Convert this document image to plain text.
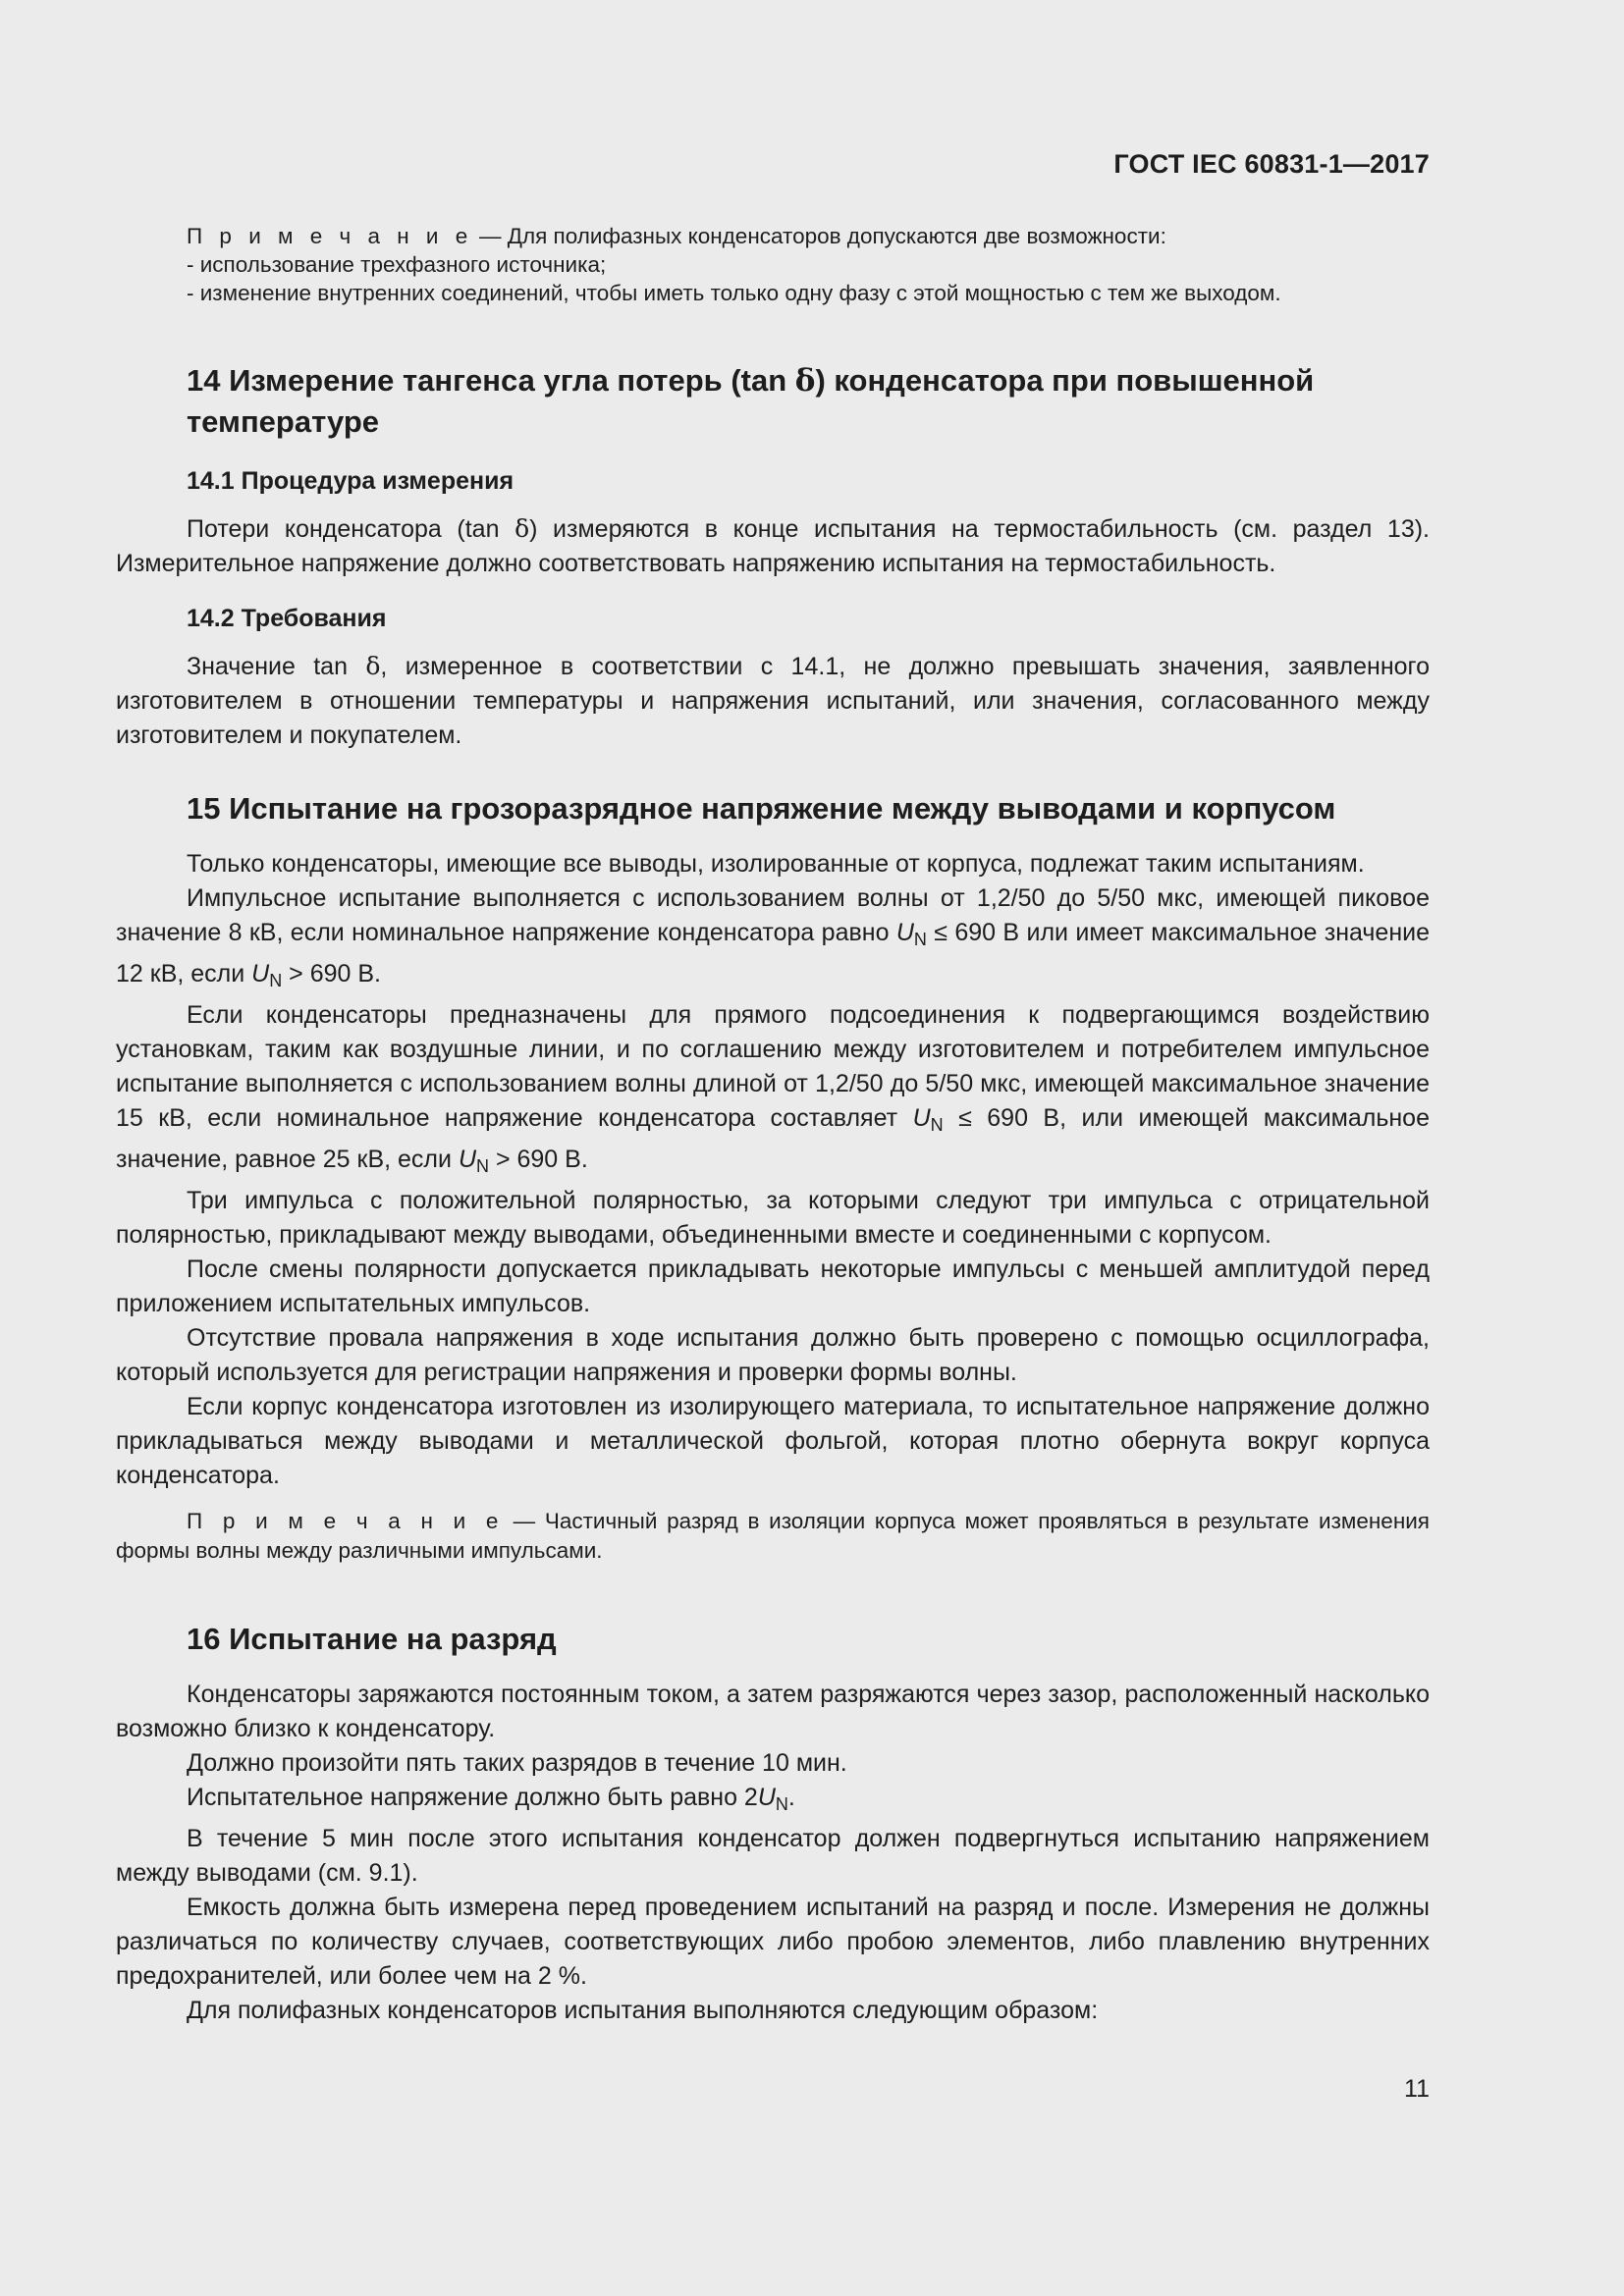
ГОСТ IEC 60831-1—2017
П р и м е ч а н и е — Для полифазных конденсаторов допускаются две возможности:
- использование трехфазного источника;
- изменение внутренних соединений, чтобы иметь только одну фазу с этой мощностью с тем же выходом.
14 Измерение тангенса угла потерь (tan δ) конденсатора при повышенной
температуре
14.1 Процедура измерения

Потери конденсатора (tan δ) измеряются в конце испытания на термостабильность (см. раздел 13). Измерительное напряжение должно соответствовать напряжению испытания на термостабильность.

14.2 Требования

Значение tan δ, измеренное в соответствии с 14.1, не должно превышать значения, заявленного изготовителем в отношении температуры и напряжения испытаний, или значения, согласованного между изготовителем и покупателем.

15 Испытание на грозоразрядное напряжение между выводами и корпусом

Только конденсаторы, имеющие все выводы, изолированные от корпуса, подлежат таким испытаниям.

Импульсное испытание выполняется с использованием волны от 1,2/50 до 5/50 мкс, имеющей пиковое значение 8 кВ, если номинальное напряжение конденсатора равно $U_N \le 690$ В или имеет максимальное значение 12 кВ, если $U_N > 690$ В.

Если конденсаторы предназначены для прямого подсоединения к подвергающимся воздействию установкам, таким как воздушные линии, и по соглашению между изготовителем и потребителем импульсное испытание выполняется с использованием волны длиной от 1,2/50 до 5/50 мкс, имеющей максимальное значение 15 кВ, если номинальное напряжение конденсатора составляет $U_N \le 690$ В, или имеющей максимальное значение, равное 25 кВ, если $U_N > 690$ В.

Три импульса с положительной полярностью, за которыми следуют три импульса с отрицательной полярностью, прикладывают между выводами, объединенными вместе и соединенными с корпусом.

После смены полярности допускается прикладывать некоторые импульсы с меньшей амплитудой перед приложением испытательных импульсов.

Отсутствие провала напряжения в ходе испытания должно быть проверено с помощью осциллографа, который используется для регистрации напряжения и проверки формы волны.

Если корпус конденсатора изготовлен из изолирующего материала, то испытательное напряжение должно прикладываться между выводами и металлической фольгой, которая плотно обернута вокруг корпуса конденсатора.

П р и м е ч а н и е — Частичный разряд в изоляции корпуса может проявляться в результате изменения формы волны между различными импульсами.
16 Испытание на разряд

Конденсаторы заряжаются постоянным током, а затем разряжаются через зазор, расположенный насколько возможно близко к конденсатору.

Должно произойти пять таких разрядов в течение 10 мин.

Испытательное напряжение должно быть равно $2U_N$.

В течение 5 мин после этого испытания конденсатор должен подвергнуться испытанию напряжением между выводами (см. 9.1).

Емкость должна быть измерена перед проведением испытаний на разряд и после. Измерения не должны различаться по количеству случаев, соответствующих либо пробою элементов, либо плавлению внутренних предохранителей, или более чем на 2 %.

Для полифазных конденсаторов испытания выполняются следующим образом:

11
